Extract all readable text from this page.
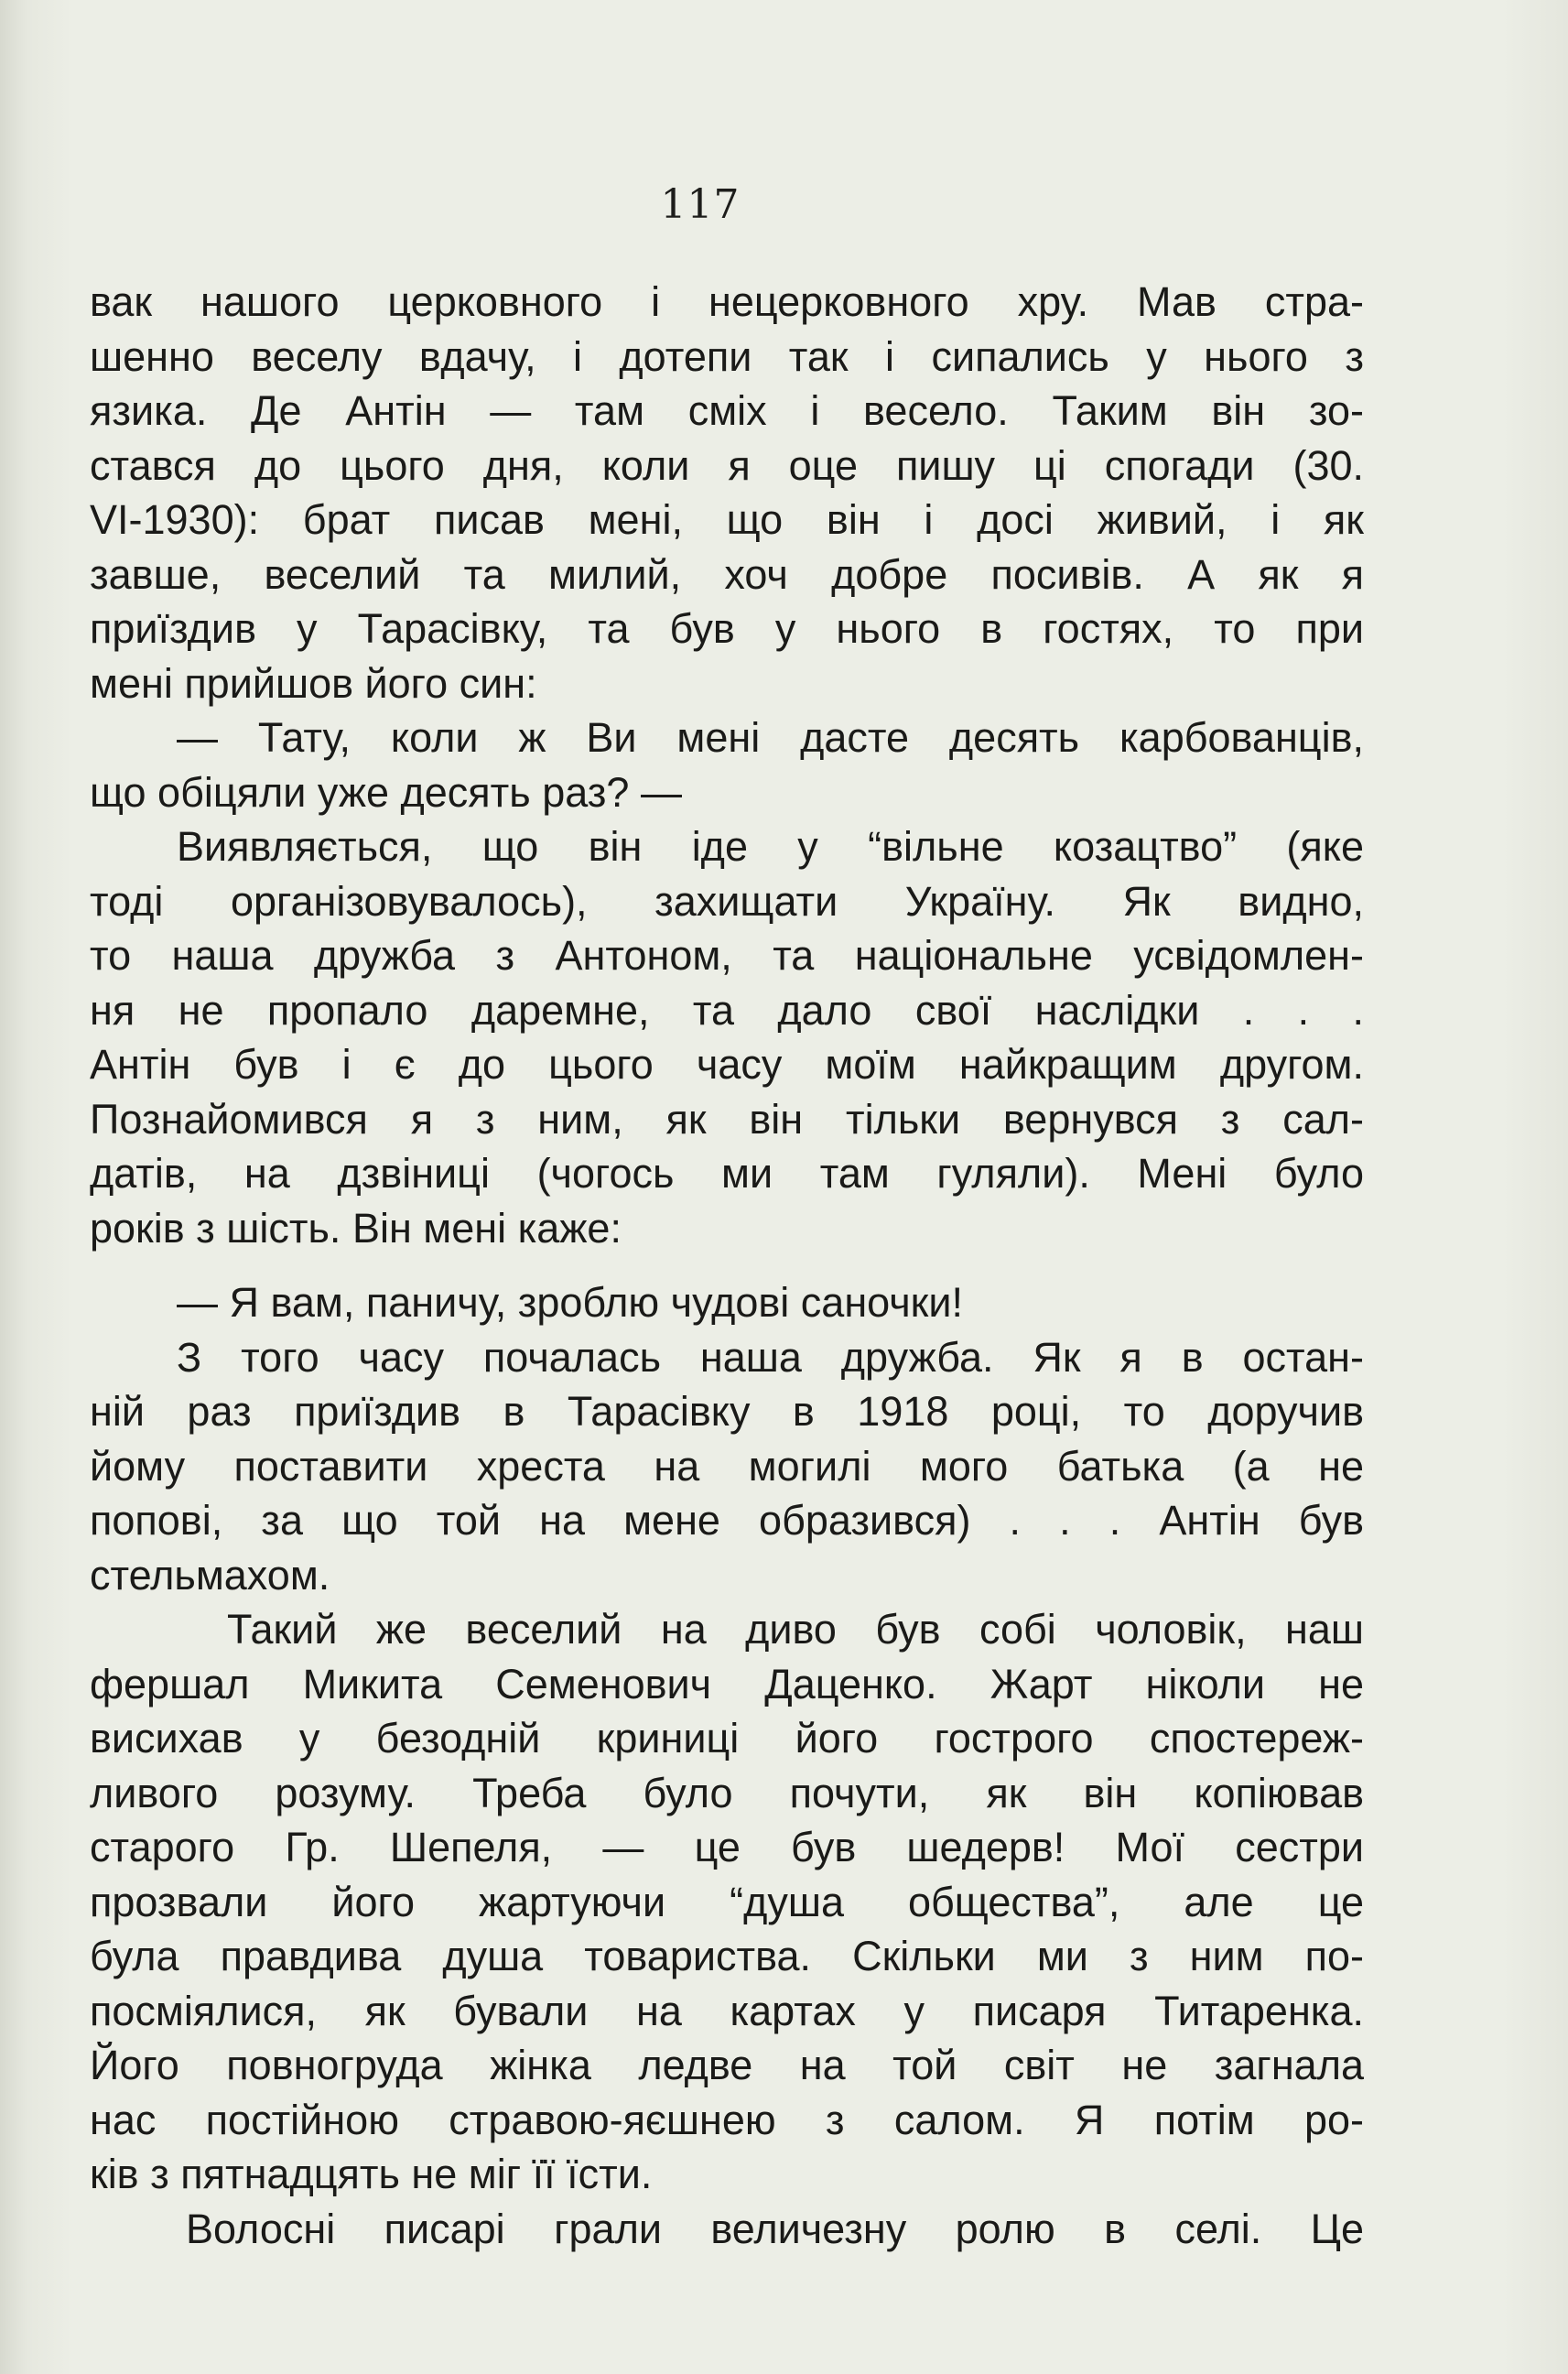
117
вак нашого церковного і нецерковного хру. Мав стра-
шенно веселу вдачу, і дотепи так і сипались у нього з
язика. Де Антін — там сміх і весело. Таким він зо-
стався до цього дня, коли я оце пишу ці спогади (30.
VI-1930): брат писав мені, що він і досі живий, і як
завше, веселий та милий, хоч добре посивів. А як я
приїздив у Тарасівку, та був у нього в гостях, то при
мені прийшов його син:
— Тату, коли ж Ви мені дасте десять карбованців,
що обіцяли уже десять раз? —
Виявляється, що він іде у “вільне козацтво” (яке
тоді організовувалось), захищати Україну. Як видно,
то наша дружба з Антоном, та національне усвідомлен-
ня не пропало даремне, та дало свої наслідки . . .
Антін був і є до цього часу моїм найкращим другом.
Познайомився я з ним, як він тільки вернувся з сал-
датів, на дзвіниці (чогось ми там гуляли). Мені було
років з шість. Він мені каже:
— Я вам, паничу, зроблю чудові саночки!
З того часу почалась наша дружба. Як я в остан-
ній раз приїздив в Тарасівку в 1918 році, то доручив
йому поставити хреста на могилі мого батька (а не
попові, за що той на мене образився) . . . Антін був
стельмахом.
Такий же веселий на диво був собі чоловік, наш
фершал Микита Семенович Даценко. Жарт ніколи не
висихав у безодній криниці його гострого спостереж-
ливого розуму. Треба було почути, як він копіював
старого Гр. Шепеля, — це був шедерв! Мої сестри
прозвали його жартуючи “душа общества”, але це
була правдива душа товариства. Скільки ми з ним по-
посміялися, як бували на картах у писаря Титаренка.
Його повногруда жінка ледве на той світ не загнала
нас постійною стравою-яєшнею з салом. Я потім ро-
ків з пятнадцять не міг її їсти.
Волосні писарі грали величезну ролю в селі. Це
